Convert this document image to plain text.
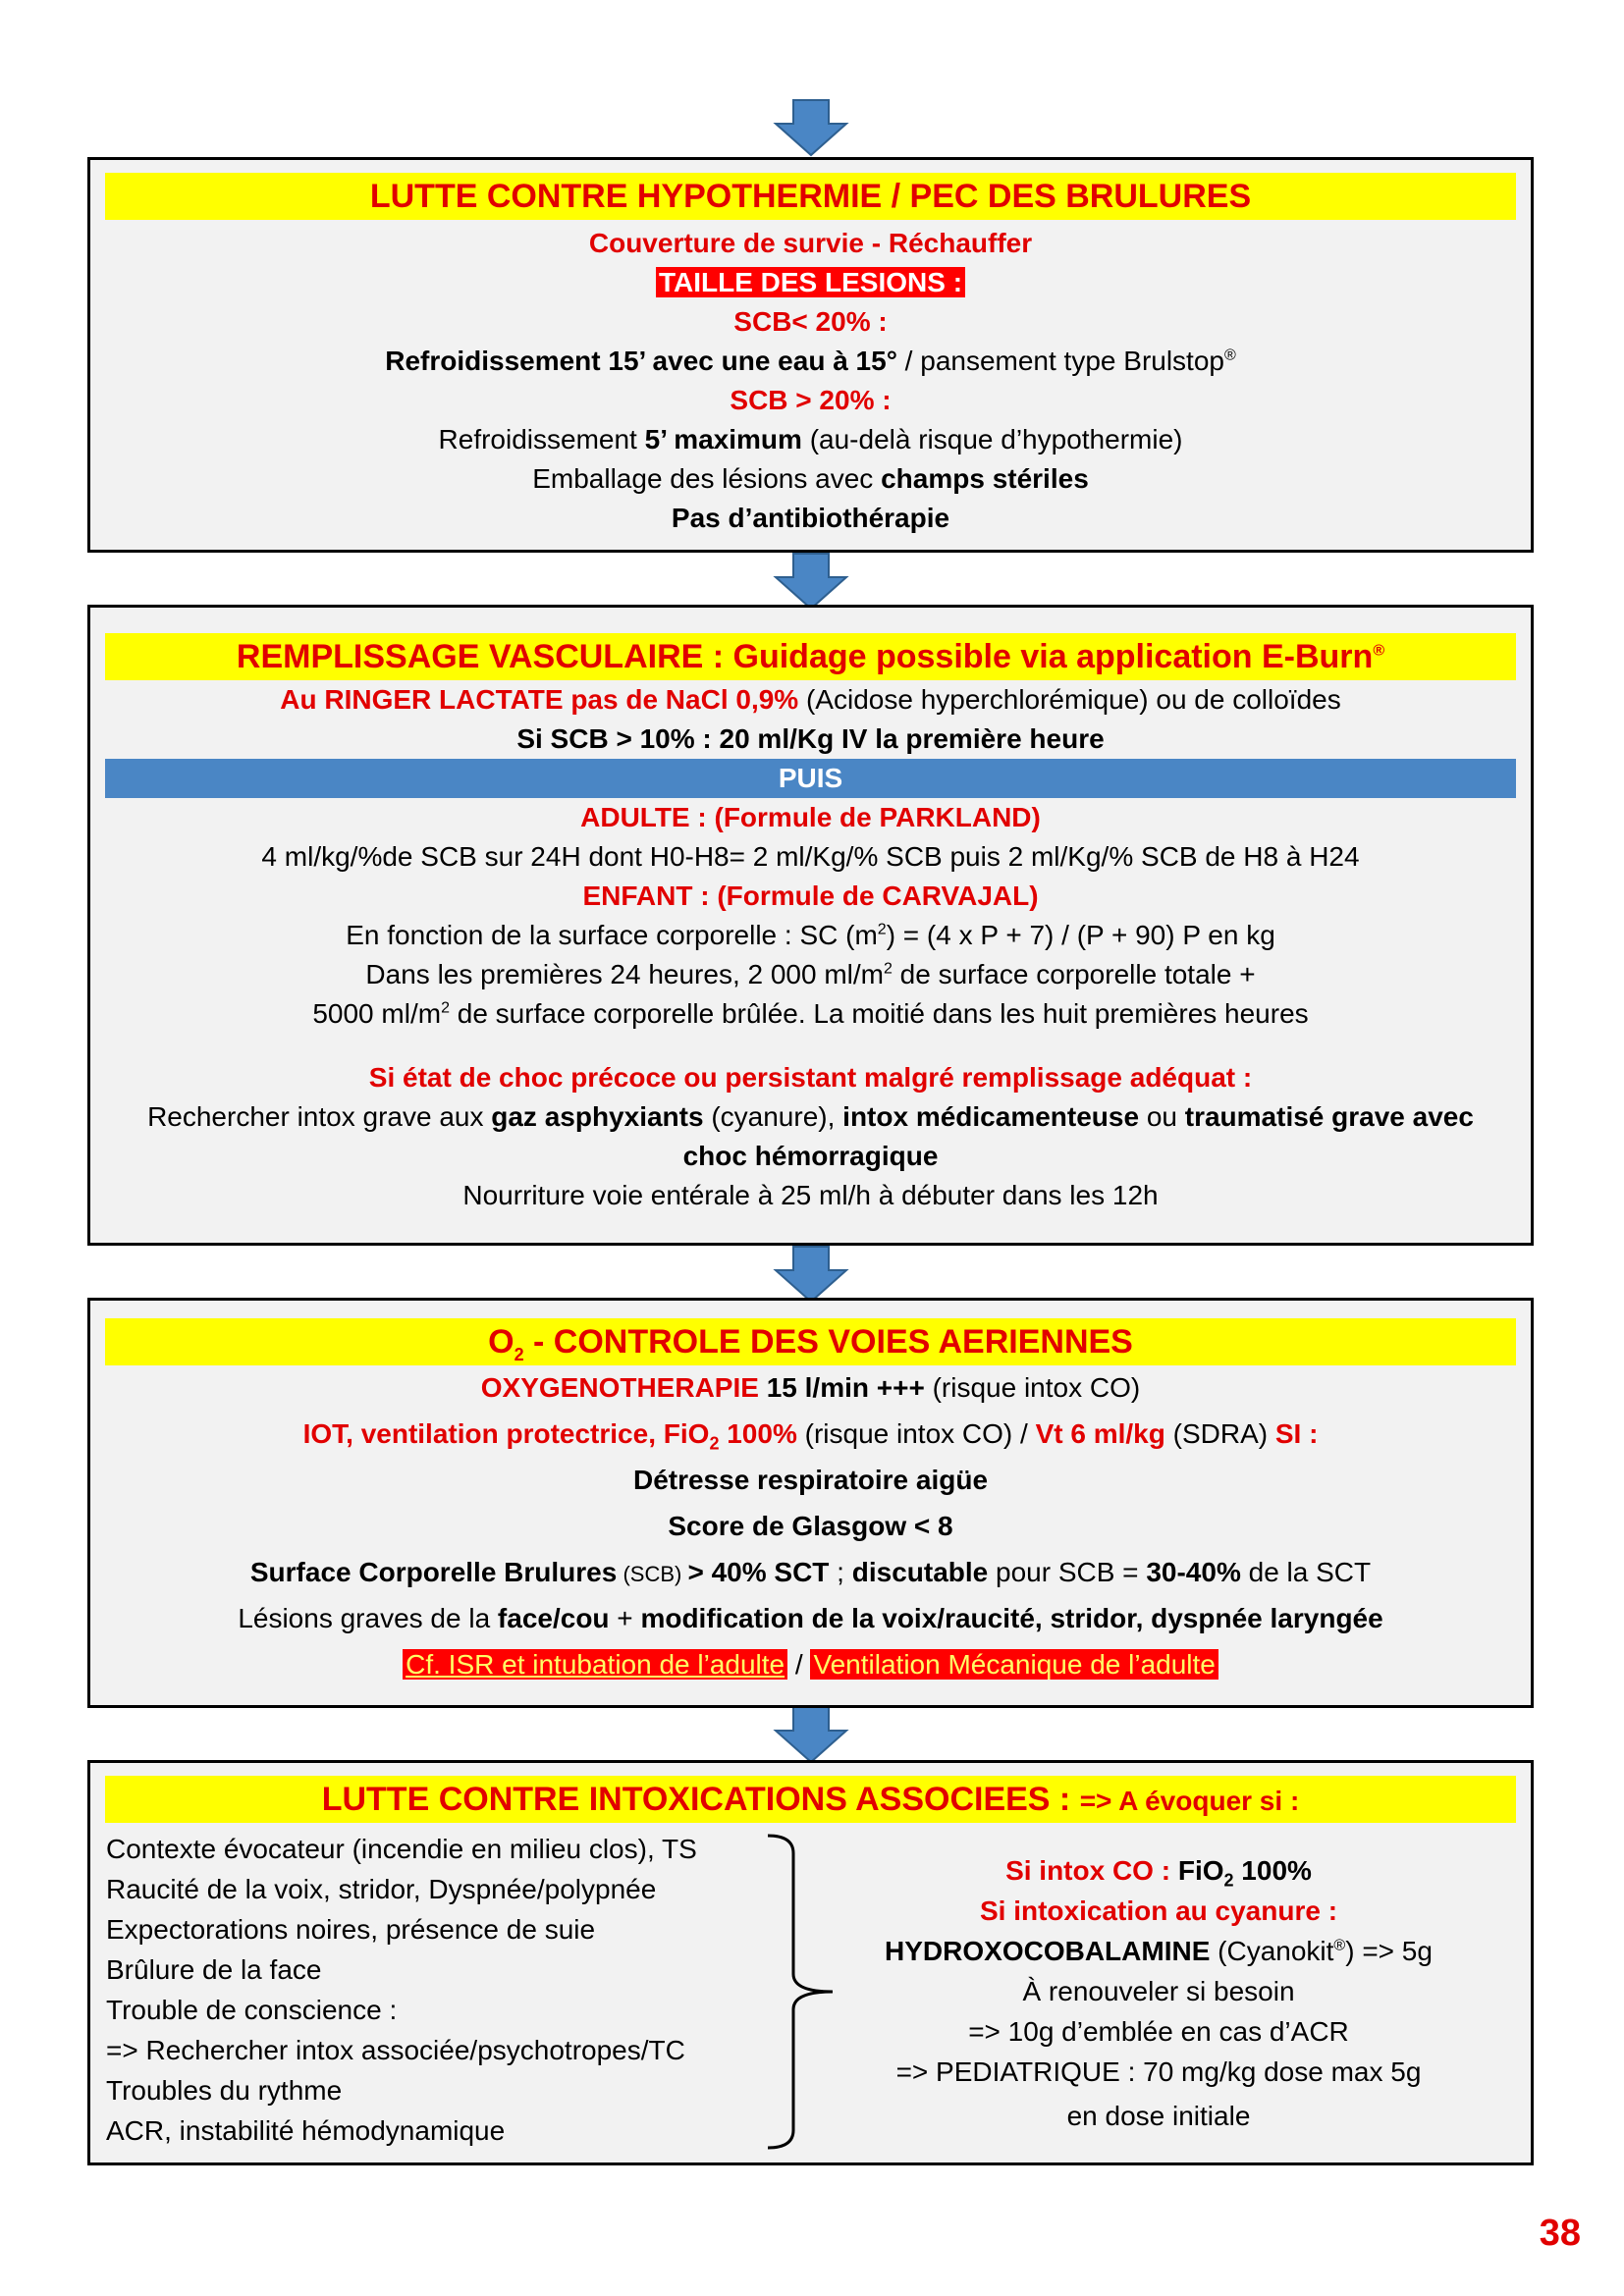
LUTTE CONTRE HYPOTHERMIE / PEC DES BRULURES
Couverture de survie - Réchauffer
TAILLE DES LESIONS :
SCB< 20% :
Refroidissement 15’ avec une eau à 15° / pansement type Brulstop®
SCB > 20% :
Refroidissement 5’ maximum (au-delà risque d’hypothermie)
Emballage des lésions avec champs stériles
Pas d’antibiothérapie
REMPLISSAGE VASCULAIRE : Guidage possible via application E-Burn®
Au RINGER LACTATE pas de NaCl 0,9% (Acidose hyperchlorémique) ou de colloïdes
Si SCB > 10% : 20 ml/Kg IV la première heure
PUIS
ADULTE : (Formule de PARKLAND)
4 ml/kg/%de SCB sur 24H dont H0-H8= 2 ml/Kg/% SCB puis 2 ml/Kg/% SCB de H8 à H24
ENFANT : (Formule de CARVAJAL)
En fonction de la surface corporelle : SC $(m^2) = (4$ x P + 7) / (P + 90) P en kg
Dans les premières 24 heures, 2 000 $ml/m^2$ de surface corporelle totale +
5000 $ml/m^2$ de surface corporelle brûlée. La moitié dans les huit premières heures
Si état de choc précoce ou persistant malgré remplissage adéquat :
Rechercher intox grave aux gaz asphyxiants (cyanure), intox médicamenteuse ou traumatisé grave avec
choc hémorragique
Nourriture voie entérale à 25 ml/h à débuter dans les 12h
$O_2$ - CONTROLE DES VOIES AERIENNES
OXYGENOTHERAPIE 15 l/min +++ (risque intox CO)
IOT, ventilation protectrice, FiO$_2$ 100% (risque intox CO) / Vt 6 ml/kg (SDRA) SI :
Détresse respiratoire aigüe
Score de Glasgow < 8
Surface Corporelle Brulures (SCB) > 40% SCT ; discutable pour SCB = 30-40% de la SCT
Lésions graves de la face/cou + modification de la voix/raucité, stridor, dyspnée laryngée
Cf. ISR et intubation de l’adulte / Ventilation Mécanique de l’adulte
LUTTE CONTRE INTOXICATIONS ASSOCIEES : => A évoquer si :
Contexte évocateur (incendie en milieu clos), TS
Raucité de la voix, stridor, Dyspnée/polypnée
Expectorations noires, présence de suie
Brûlure de la face
Trouble de conscience :
=> Rechercher intox associée/psychotropes/TC
Troubles du rythme
ACR, instabilité hémodynamique
Si intox CO : FiO$_2$ 100%
Si intoxication au cyanure :
HYDROXOCOBALAMINE (Cyanokit®) => 5g
À renouveler si besoin
=> 10g d’emblée en cas d’ACR
=> PEDIATRIQUE : 70 mg/kg dose max 5g
en dose initiale
38
